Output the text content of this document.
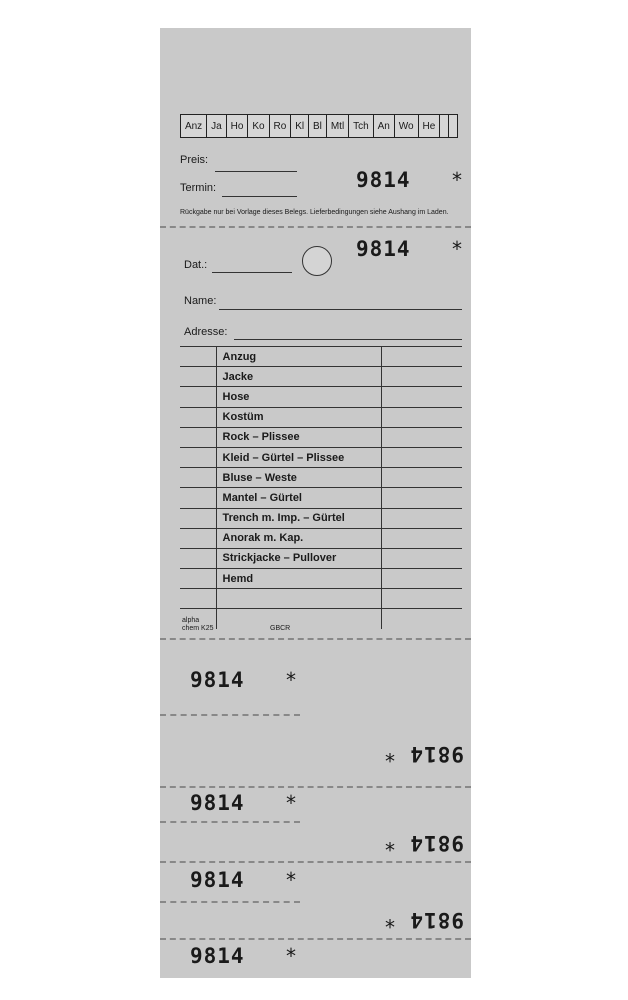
Anz Ja Ho Ko Ro Kl Bl Mtl Tch An Wo He
Preis:
Termin:	9814 *
Rückgabe nur bei Vorlage dieses Belegs. Lieferbedingungen siehe Aushang im Laden.
9814 *
Dat.:
Name:
Adresse:
	Anzug	
	Jacke	
	Hose	
	Kostüm	
	Rock – Plissee	
	Kleid – Gürtel – Plissee	
	Bluse – Weste	
	Mantel – Gürtel	
	Trench m. Imp. – Gürtel	
	Anorak m. Kap.	
	Strickjacke – Pullover	
	Hemd	

alpha
chem K25	GBCR
9814 *
9814 *
9814 *
9814 *
9814 *
9814 *
9814 *
